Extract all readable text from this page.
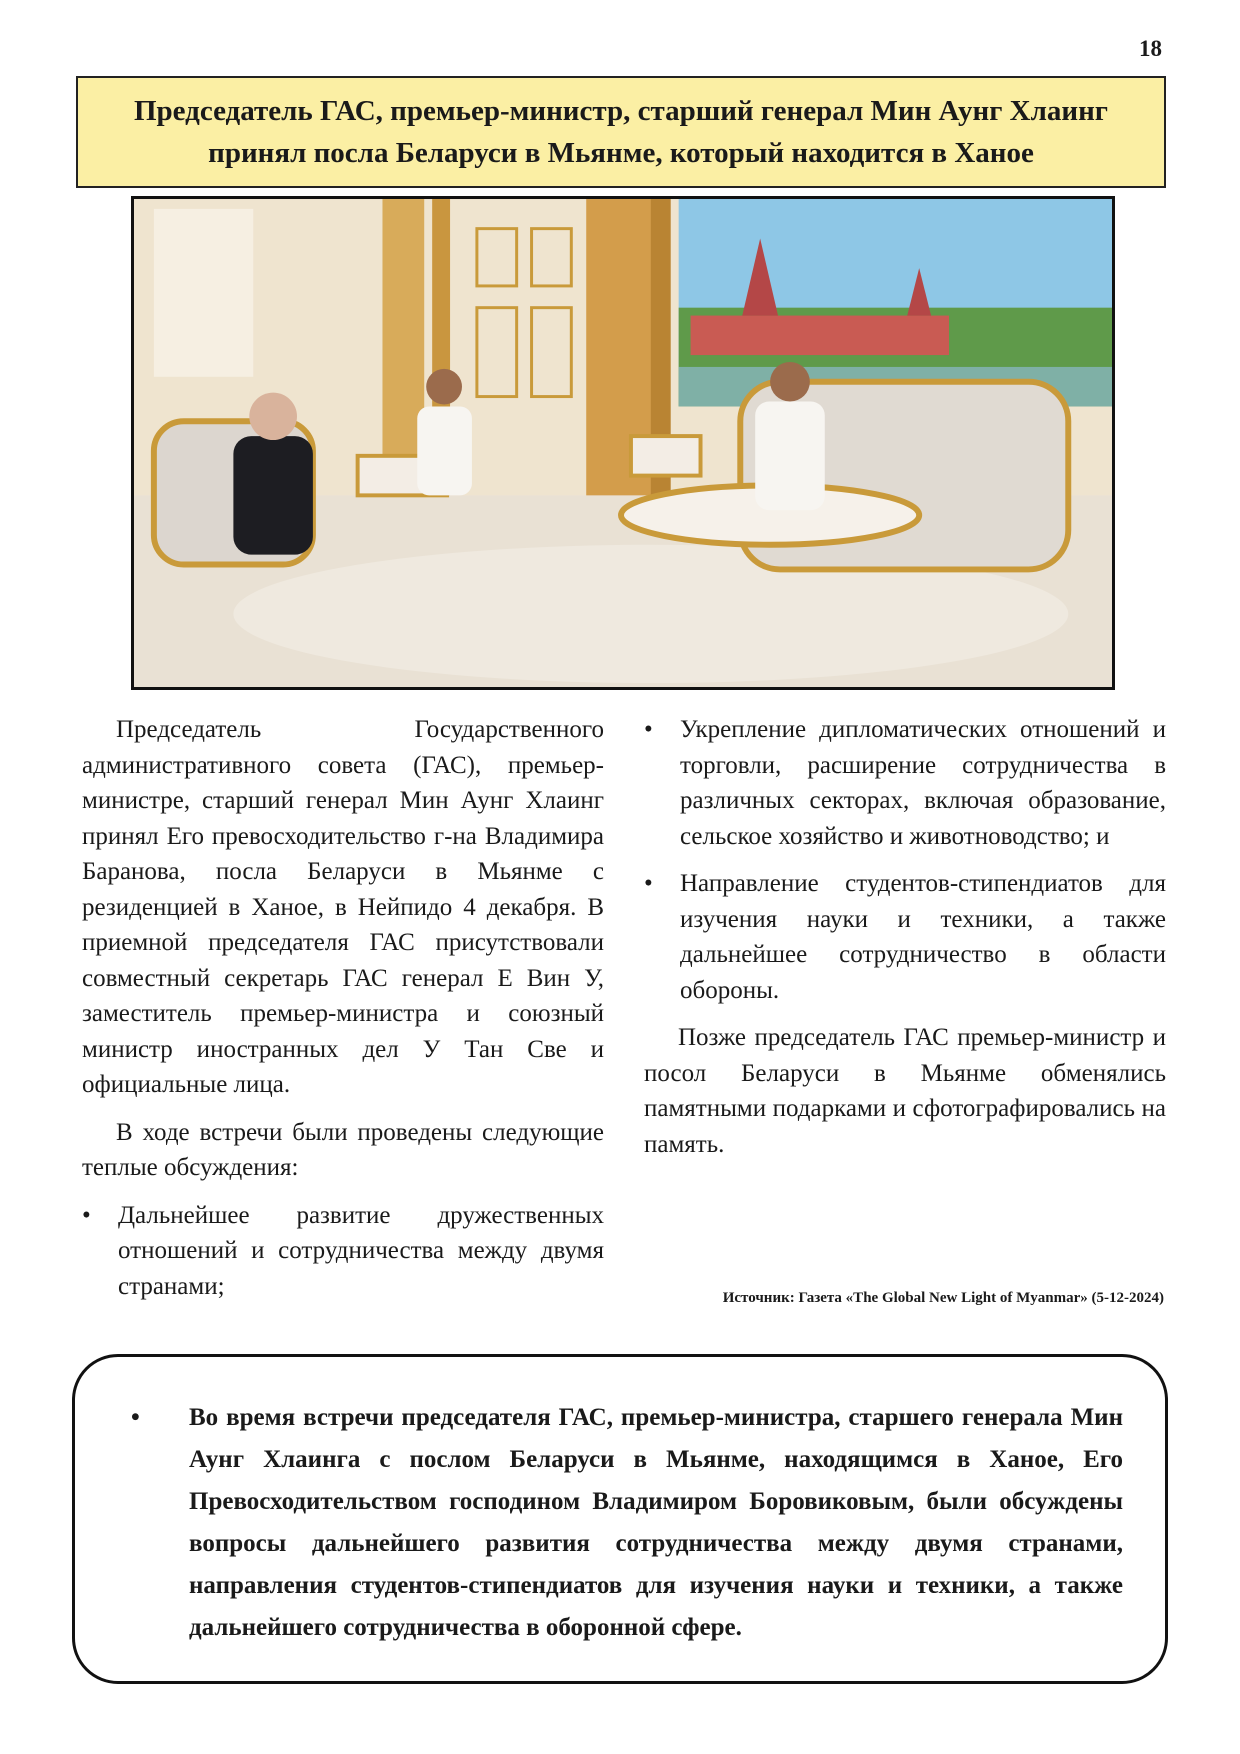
18
Председатель ГАС, премьер-министр, старший генерал Мин Аунг Хлаинг принял посла Беларуси в Мьянме, который находится в Ханое

Председатель Государственного административного совета (ГАС), премьер-министре, старший генерал Мин Аунг Хлаинг принял Его превосходительство г-на Владимира Баранова, посла Беларуси в Мьянме с резиденцией в Ханое, в Нейпидо 4 декабря. В приемной председателя ГАС присутствовали совместный секретарь ГАС генерал Е Вин У, заместитель премьер-министра и союзный министр иностранных дел У Тан Све и официальные лица.

В ходе встречи были проведены следующие теплые обсуждения:

• Дальнейшее развитие дружественных отношений и сотрудничества между двумя странами;
• Укрепление дипломатических отношений и торговли, расширение сотрудничества в различных секторах, включая образование, сельское хозяйство и животноводство; и
• Направление студентов-стипендиатов для изучения науки и техники, а также дальнейшее сотрудничество в области обороны.

Позже председатель ГАС премьер-министр и посол Беларуси в Мьянме обменялись памятными подарками и сфотографировались на память.

Источник: Газета «The Global New Light of Myanmar» (5-12-2024)
• Во время встречи председателя ГАС, премьер-министра, старшего генерала Мин Аунг Хлаинга с послом Беларуси в Мьянме, находящимся в Ханое, Его Превосходительством господином Владимиром Боровиковым, были обсуждены вопросы дальнейшего развития сотрудничества между двумя странами, направления студентов-стипендиатов для изучения науки и техники, а также дальнейшего сотрудничества в оборонной сфере.
